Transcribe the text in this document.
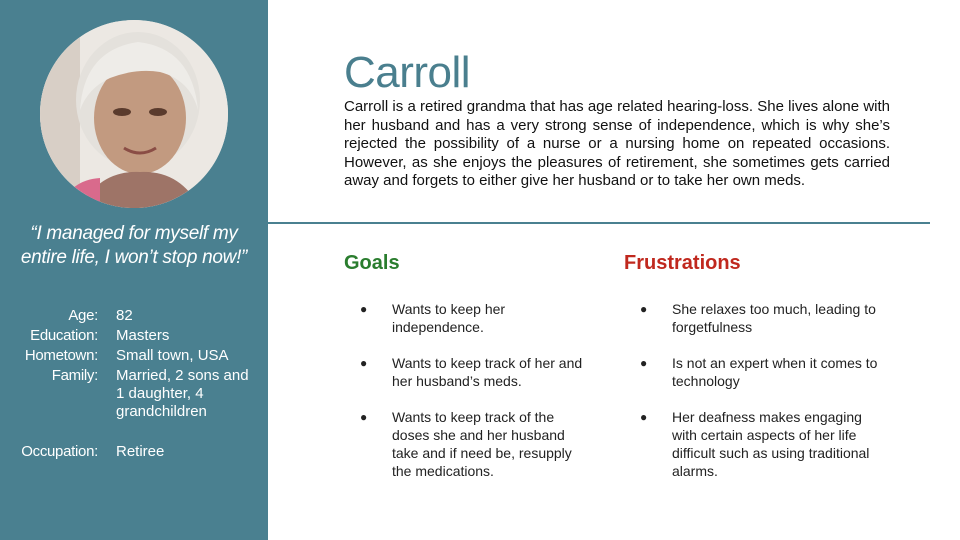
“I managed for myself my entire life, I won’t stop now!”
Age: 82
Education: Masters
Hometown: Small town, USA
Family: Married, 2 sons and 1 daughter, 4 grandchildren
Occupation: Retiree
Carroll
Carroll is a retired grandma that has age related hearing-loss. She lives alone with her husband and has a very strong sense of independence, which is why she’s rejected the possibility of a nurse or a nursing home on repeated occasions. However, as she enjoys the pleasures of retirement, she sometimes gets carried away and forgets to either give her husband or to take her own meds.
Goals	Frustrations
● Wants to keep her independence.
● Wants to keep track of her and her husband’s meds.
● Wants to keep track of the doses she and her husband take and if need be, resupply the medications.
● She relaxes too much, leading to forgetfulness
● Is not an expert when it comes to technology
● Her deafness makes engaging with certain aspects of her life difficult such as using traditional alarms.
